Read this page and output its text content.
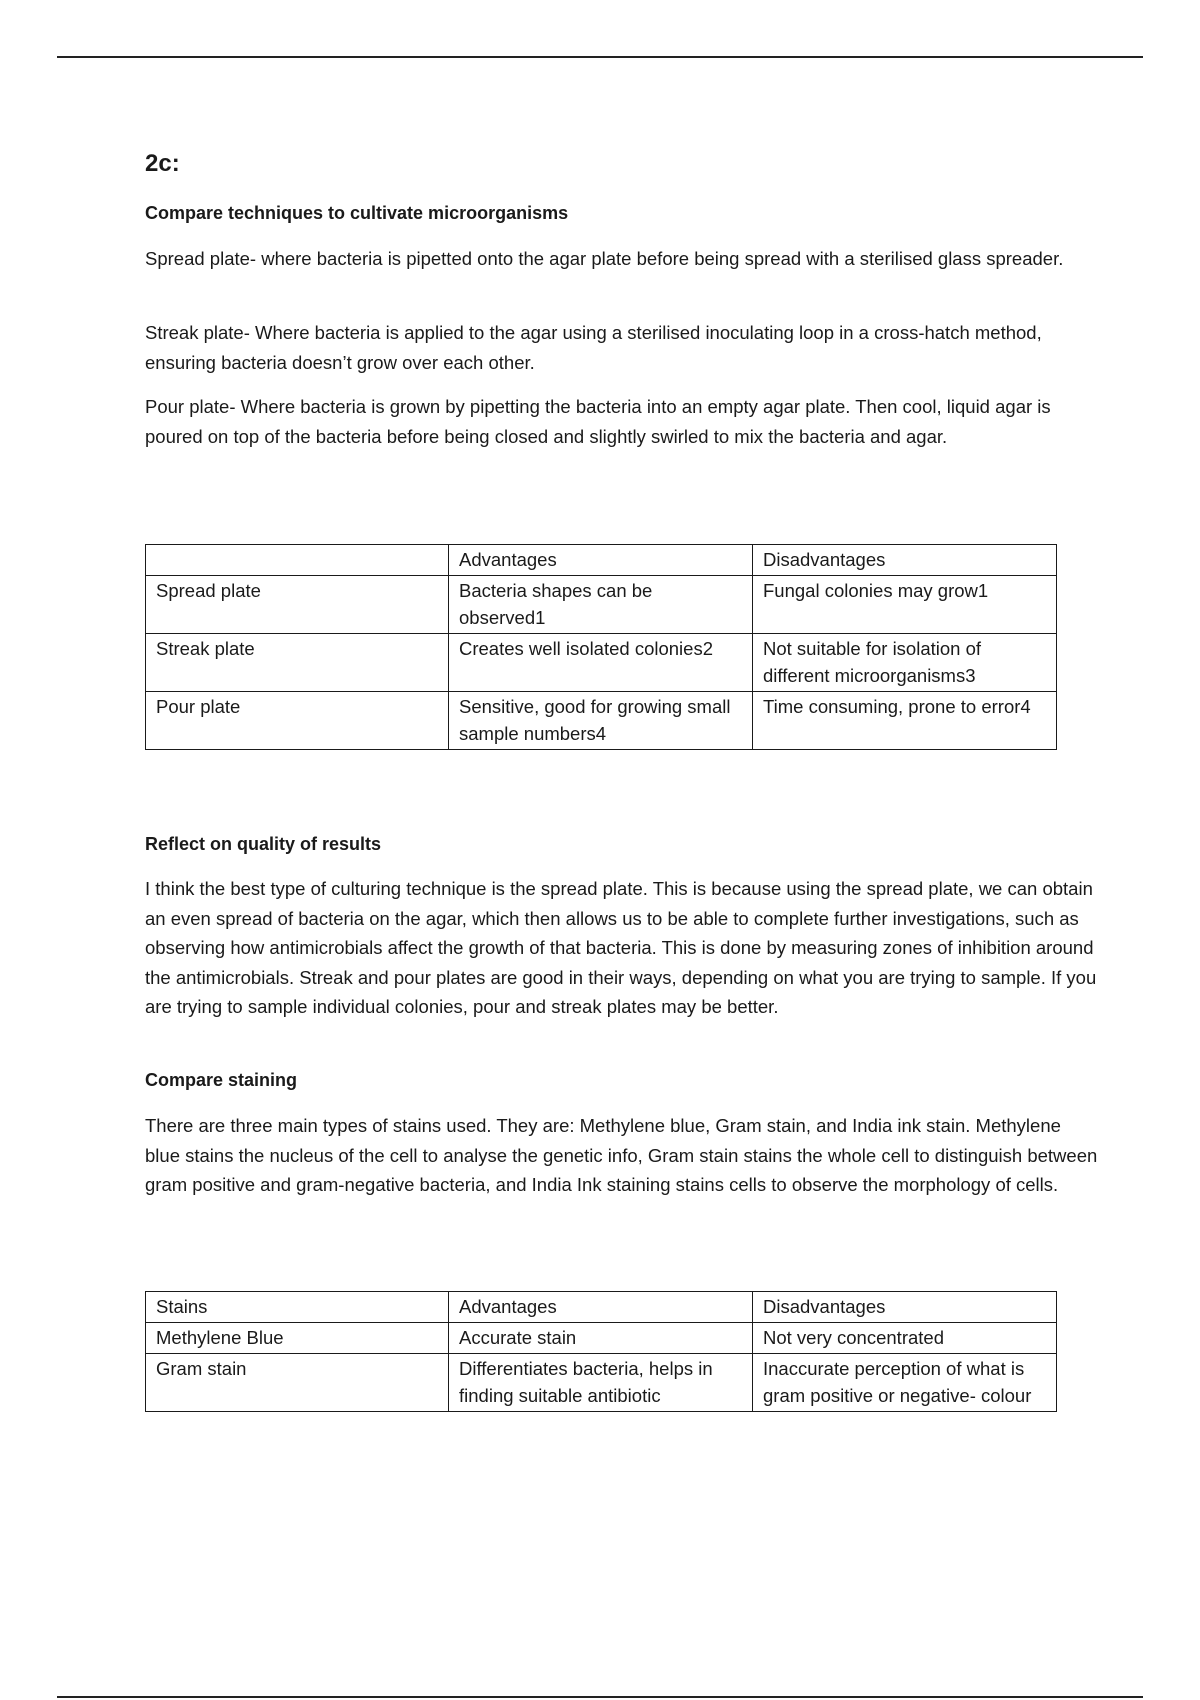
2c:
Compare techniques to cultivate microorganisms

Spread plate- where bacteria is pipetted onto the agar plate before being spread with a sterilised glass spreader.

Streak plate- Where bacteria is applied to the agar using a sterilised inoculating loop in a cross-hatch method, ensuring bacteria doesn’t grow over each other.

Pour plate- Where bacteria is grown by pipetting the bacteria into an empty agar plate. Then cool, liquid agar is poured on top of the bacteria before being closed and slightly swirled to mix the bacteria and agar.

	Advantages	Disadvantages
Spread plate	Bacteria shapes can be observed1	Fungal colonies may grow1
Streak plate	Creates well isolated colonies2	Not suitable for isolation of different microorganisms3
Pour plate	Sensitive, good for growing small sample numbers4	Time consuming, prone to error4
Reflect on quality of results

I think the best type of culturing technique is the spread plate. This is because using the spread plate, we can obtain an even spread of bacteria on the agar, which then allows us to be able to complete further investigations, such as observing how antimicrobials affect the growth of that bacteria. This is done by measuring zones of inhibition around the antimicrobials. Streak and pour plates are good in their ways, depending on what you are trying to sample. If you are trying to sample individual colonies, pour and streak plates may be better.

Compare staining

There are three main types of stains used. They are: Methylene blue, Gram stain, and India ink stain. Methylene blue stains the nucleus of the cell to analyse the genetic info, Gram stain stains the whole cell to distinguish between gram positive and gram-negative bacteria, and India Ink staining stains cells to observe the morphology of cells.

Stains	Advantages	Disadvantages
Methylene Blue	Accurate stain	Not very concentrated
Gram stain	Differentiates bacteria, helps in finding suitable antibiotic	Inaccurate perception of what is gram positive or negative- colour
